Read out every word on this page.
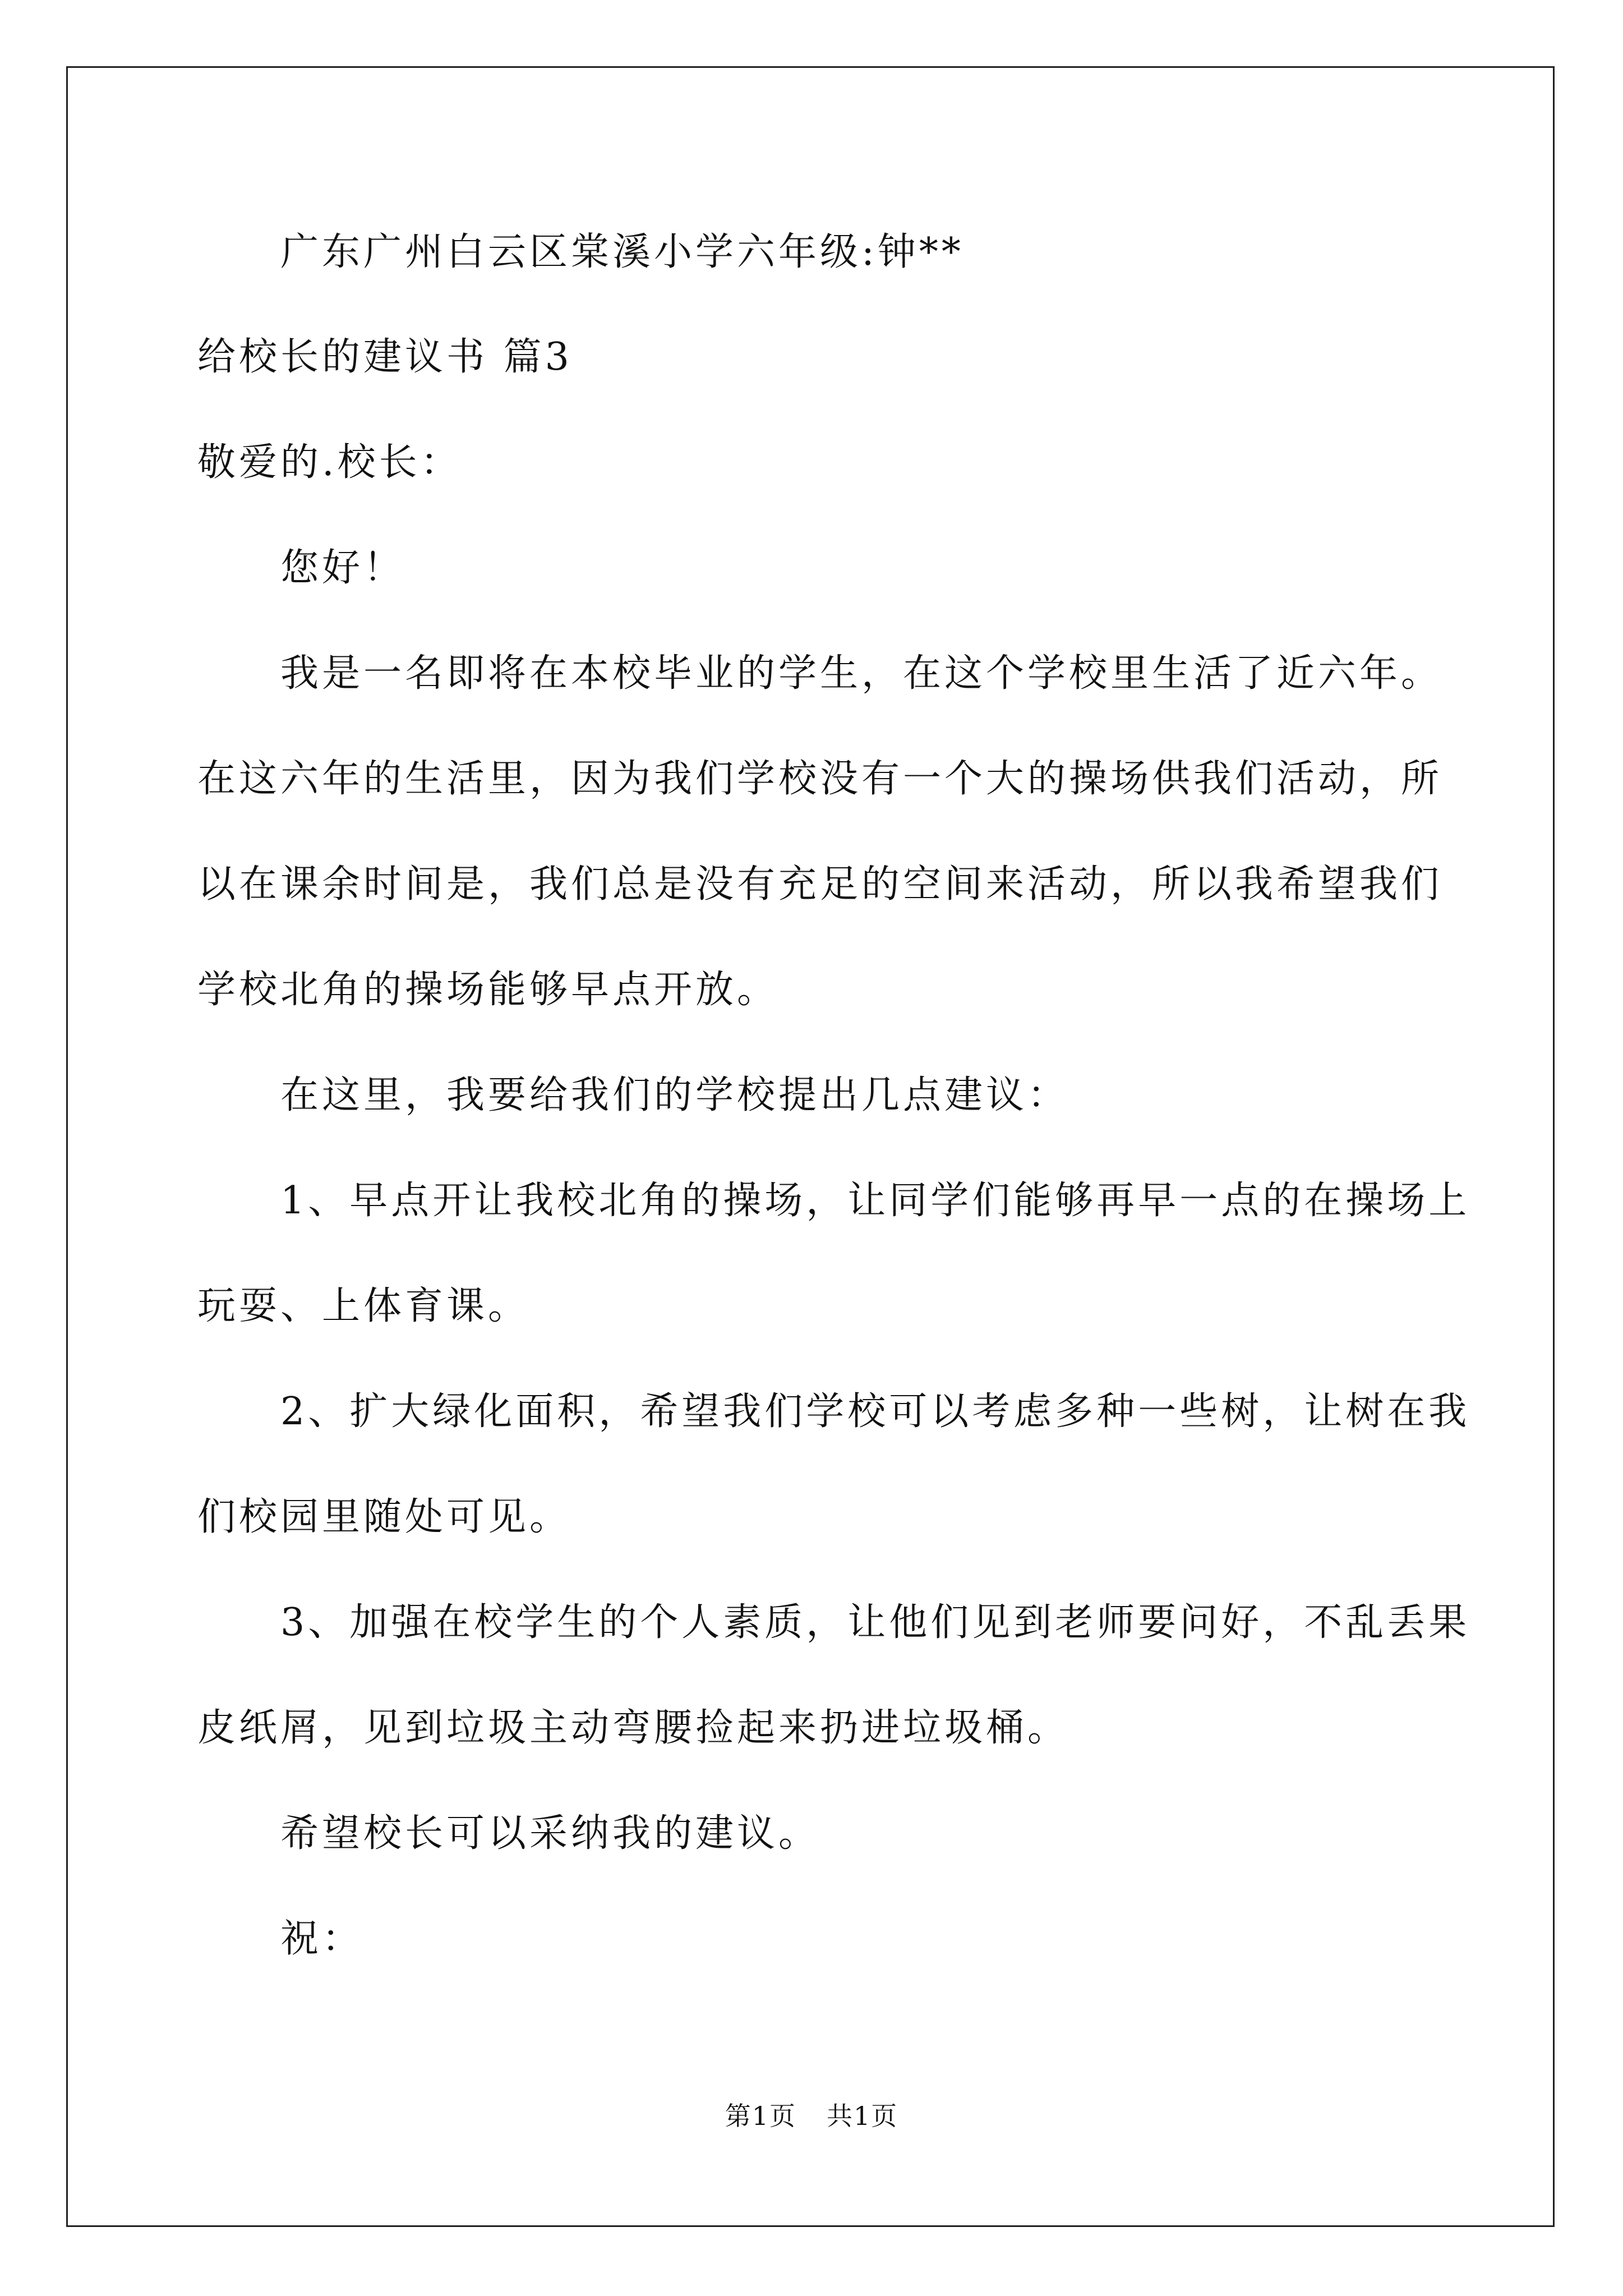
广东广州白云区棠溪小学六年级:钟**
给校长的建议书 篇3
敬爱的.校长：
您好！
我是一名即将在本校毕业的学生，在这个学校里生活了近六年。
在这六年的生活里，因为我们学校没有一个大的操场供我们活动，所
以在课余时间是，我们总是没有充足的空间来活动，所以我希望我们
学校北角的操场能够早点开放。
在这里，我要给我们的学校提出几点建议：
1、早点开让我校北角的操场，让同学们能够再早一点的在操场上
玩耍、上体育课。
2、扩大绿化面积，希望我们学校可以考虑多种一些树，让树在我
们校园里随处可见。
3、加强在校学生的个人素质，让他们见到老师要问好，不乱丢果
皮纸屑，见到垃圾主动弯腰捡起来扔进垃圾桶。
希望校长可以采纳我的建议。
祝：
第1页 共1页
